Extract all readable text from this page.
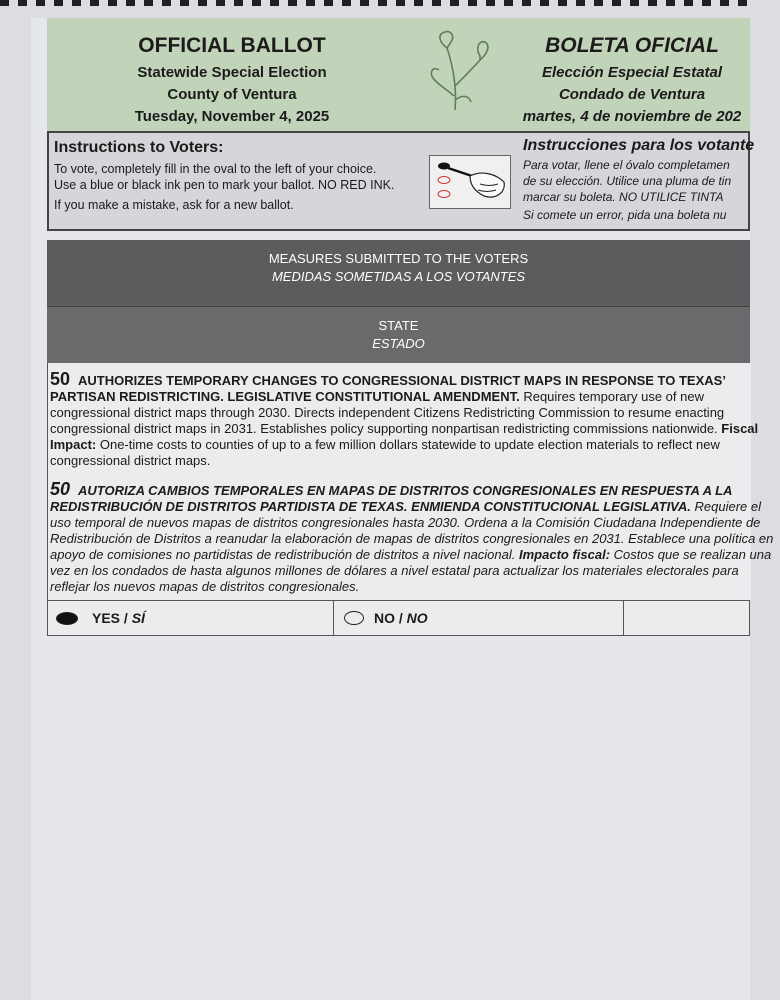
OFFICIAL BALLOT
Statewide Special Election
County of Ventura
Tuesday, November 4, 2025
BOLETA OFICIAL
Elección Especial Estatal
Condado de Ventura
martes, 4 de noviembre de 202
Instructions to Voters:
To vote, completely fill in the oval to the left of your choice.
Use a blue or black ink pen to mark your ballot. NO RED INK.
If you make a mistake, ask for a new ballot.
Instrucciones para los votante
Para votar, llene el óvalo completamen
de su elección. Utilice una pluma de tin
marcar su boleta. NO UTILICE TINTA
Si comete un error, pida una boleta nu
MEASURES SUBMITTED TO THE VOTERS
MEDIDAS SOMETIDAS A LOS VOTANTES
STATE
ESTADO
50 AUTHORIZES TEMPORARY CHANGES TO CONGRESSIONAL DISTRICT MAPS IN RESPONSE TO TEXAS’ PARTISAN REDISTRICTING. LEGISLATIVE CONSTITUTIONAL AMENDMENT. Requires temporary use of new congressional district maps through 2030. Directs independent Citizens Redistricting Commission to resume enacting congressional district maps in 2031. Establishes policy supporting nonpartisan redistricting commissions nationwide. Fiscal Impact: One-time costs to counties of up to a few million dollars statewide to update election materials to reflect new congressional district maps.
50 AUTORIZA CAMBIOS TEMPORALES EN MAPAS DE DISTRITOS CONGRESIONALES EN RESPUESTA A LA REDISTRIBUCIÓN DE DISTRITOS PARTIDISTA DE TEXAS. ENMIENDA CONSTITUCIONAL LEGISLATIVA. Requiere el uso temporal de nuevos mapas de distritos congresionales hasta 2030. Ordena a la Comisión Ciudadana Independiente de Redistribución de Distritos a reanudar la elaboración de mapas de distritos congresionales en 2031. Establece una política en apoyo de comisiones no partidistas de redistribución de distritos a nivel nacional. Impacto fiscal: Costos que se realizan una vez en los condados de hasta algunos millones de dólares a nivel estatal para actualizar los materiales electorales para reflejar los nuevos mapas de distritos congresionales.
YES / SÍ	NO / NO
